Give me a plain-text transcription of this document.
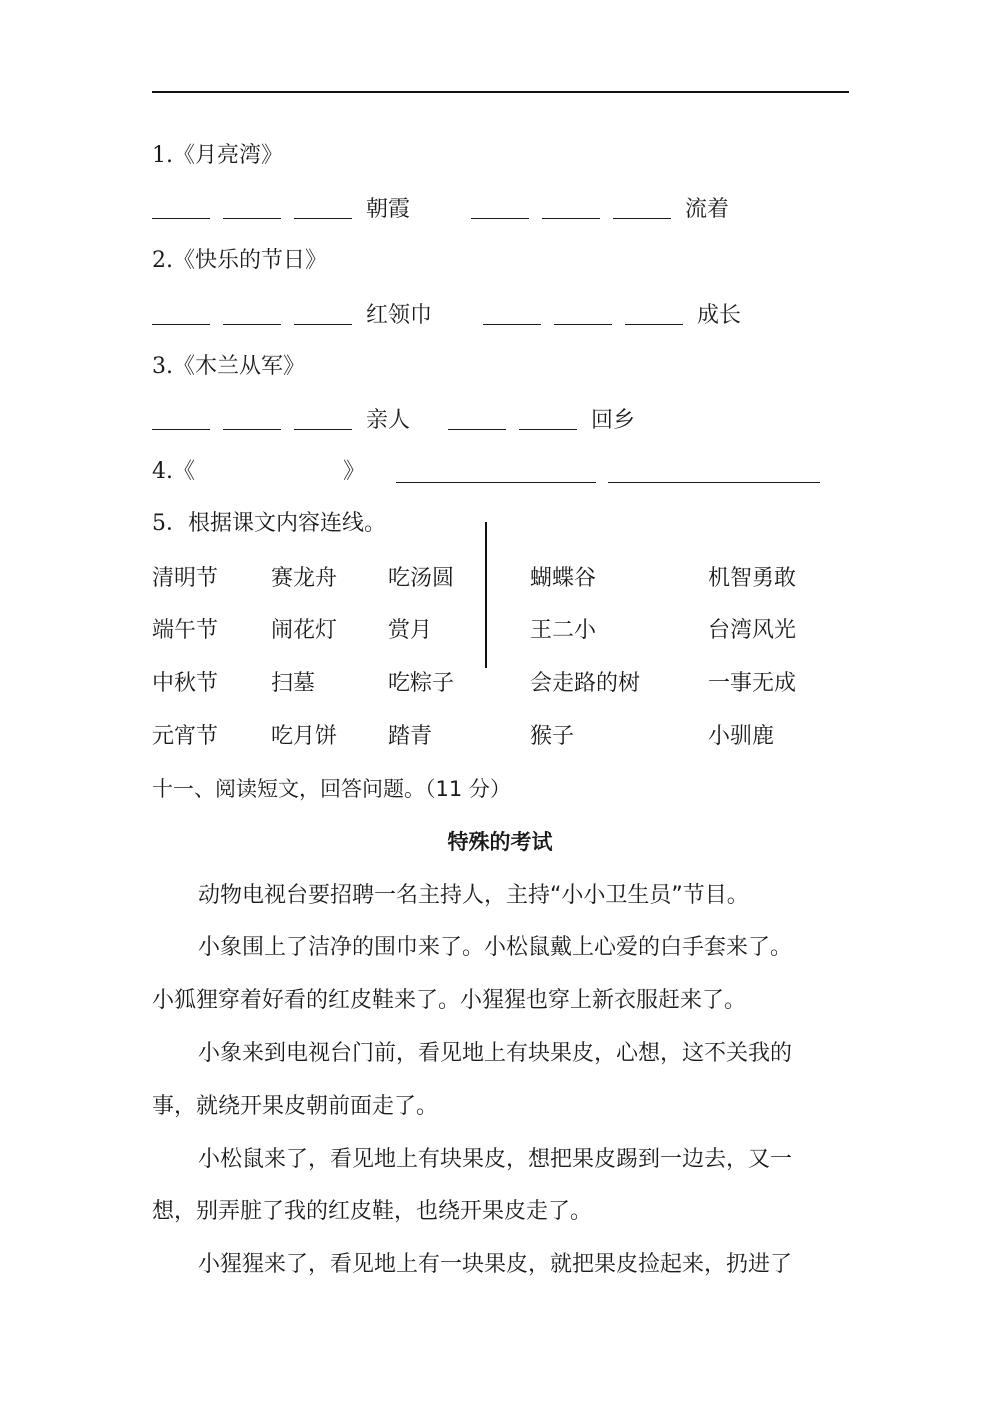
1.《月亮湾》
朝霞	流着
2.《快乐的节日》
红领巾	成长
3.《木兰从军》
亲人	回乡
4.《	》
5．根据课文内容连线。
清明节 赛龙舟 吃汤圆	蝴蝶谷	机智勇敢
端午节 闹花灯 赏月	王二小	台湾风光
中秋节 扫墓	吃粽子	会走路的树	一事无成
元宵节 吃月饼 踏青	猴子	小驯鹿
十一、阅读短文，回答问题。（11 分）
特殊的考试
动物电视台要招聘一名主持人，主持“小小卫生员”节目。
小象围上了洁净的围巾来了。小松鼠戴上心爱的白手套来了。
小狐狸穿着好看的红皮鞋来了。小猩猩也穿上新衣服赶来了。
小象来到电视台门前，看见地上有块果皮，心想，这不关我的
事，就绕开果皮朝前面走了。
小松鼠来了，看见地上有块果皮，想把果皮踢到一边去，又一
想，别弄脏了我的红皮鞋，也绕开果皮走了。
小猩猩来了，看见地上有一块果皮，就把果皮捡起来，扔进了
